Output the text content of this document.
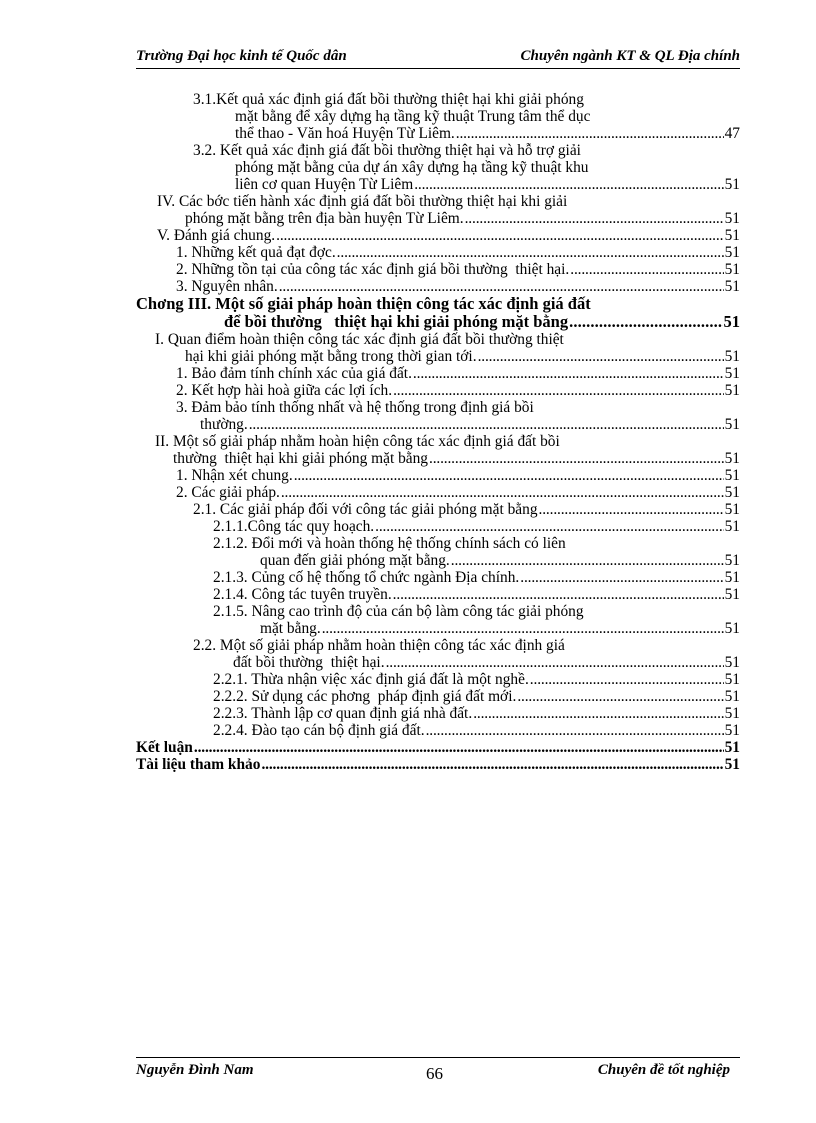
Trường Đại học kinh tế Quốc dân	Chuyên ngành KT & QL Địa chính
3.1.Kết quả xác định giá đất bồi thường thiệt hại khi giải phóng
mặt bằng để xây dựng hạ tầng kỹ thuật Trung tâm thể dục
thể thao - Văn hoá Huyện Từ Liêm. . . .	47
3.2. Kết quả xác định giá đất bồi thường thiệt hại và hỗ trợ giải
phóng mặt bằng của dự án xây dựng hạ tầng kỹ thuật khu
liên cơ quan Huyện Từ Liêm . . .	51
IV. Các bớc tiến hành xác định giá đất bồi thường thiệt hại khi giải
phóng mặt bằng trên địa bàn huyện Từ Liêm. . . .	51
V. Đánh giá chung. . . .	51
1. Những kết quả đạt đợc. . . .	51
2. Những tồn tại của công tác xác định giá bồi thường  thiệt hại. . . .	51
3. Nguyên nhân. . . .	51
Chơng III. Một số giải pháp hoàn thiện công tác xác định giá đất
để bồi thường   thiệt hại khi giải phóng mặt bằng . . .	51
I. Quan điểm hoàn thiện công tác xác định giá đất bồi thường thiệt
hại khi giải phóng mặt bằng trong thời gian tới. . . .	51
1. Bảo đảm tính chính xác của giá đất. . . .	51
2. Kết hợp hài hoà giữa các lợi ích. . . .	51
3. Đảm bảo tính thống nhất và hệ thống trong định giá bồi
thường. . . .	51
II. Một số giải pháp nhằm hoàn hiện công tác xác định giá đất bồi
thường  thiệt hại khi giải phóng mặt bằng . . .	51
1. Nhận xét chung. . . .	51
2. Các giải pháp. . . .	51
2.1. Các giải pháp đối với công tác giải phóng mặt bằng . . .	51
2.1.1.Công tác quy hoạch. . . .	51
2.1.2. Đổi mới và hoàn thống hệ thống chính sách có liên
quan đến giải phóng mặt bằng. . . .	51
2.1.3. Củng cố hệ thống tổ chức ngành Địa chính. . . .	51
2.1.4. Công tác tuyên truyền. . . .	51
2.1.5. Nâng cao trình độ của cán bộ làm công tác giải phóng
mặt bằng. . . .	51
2.2. Một số giải pháp nhằm hoàn thiện công tác xác định giá
đất bồi thường  thiệt hại. . . .	51
2.2.1. Thừa nhận việc xác định giá đất là một nghề. . . .	51
2.2.2. Sử dụng các phơng  pháp định giá đất mới. . . .	51
2.2.3. Thành lập cơ quan định giá nhà đất. . . .	51
2.2.4. Đào tạo cán bộ định giá đất. . . .	51
Kết luận . . .	51
Tài liệu tham khảo . . .	51
Nguyễn Đình Nam	66	Chuyên đề tốt nghiệp
